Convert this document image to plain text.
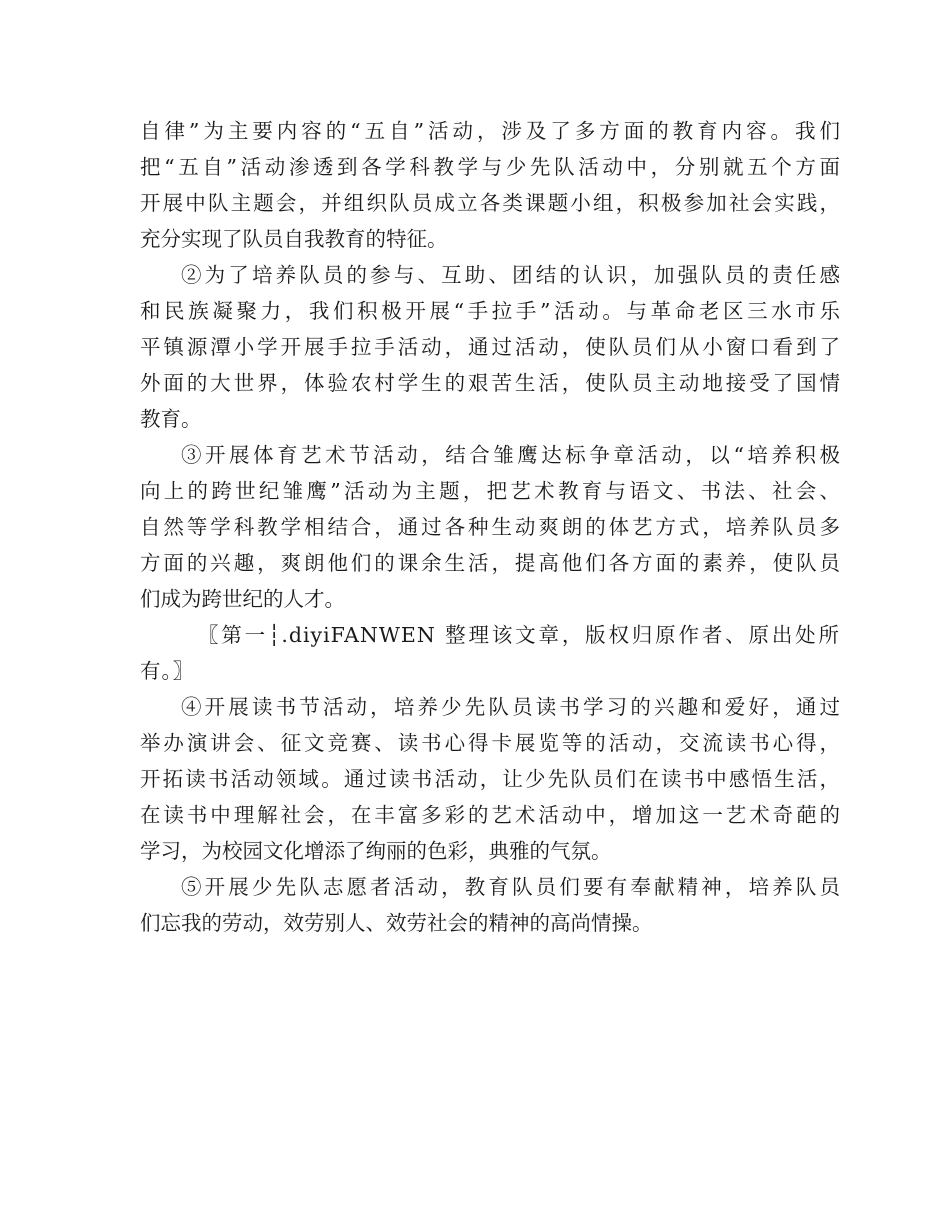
自律”为主要内容的“五自”活动，涉及了多方面的教育内容。我们
把“五自”活动渗透到各学科教学与少先队活动中，分别就五个方面
开展中队主题会，并组织队员成立各类课题小组，积极参加社会实践，
充分实现了队员自我教育的特征。

②为了培养队员的参与、互助、团结的认识，加强队员的责任感
和民族凝聚力，我们积极开展“手拉手”活动。与革命老区三水市乐
平镇源潭小学开展手拉手活动，通过活动，使队员们从小窗口看到了
外面的大世界，体验农村学生的艰苦生活，使队员主动地接受了国情
教育。

③开展体育艺术节活动，结合雏鹰达标争章活动，以“培养积极
向上的跨世纪雏鹰”活动为主题，把艺术教育与语文、书法、社会、
自然等学科教学相结合，通过各种生动爽朗的体艺方式，培养队员多
方面的兴趣，爽朗他们的课余生活，提高他们各方面的素养，使队员
们成为跨世纪的人才。

〖第一┆.diyiFANWEN 整理该文章，版权归原作者、原出处所
有。〗

④开展读书节活动，培养少先队员读书学习的兴趣和爱好，通过
举办演讲会、征文竞赛、读书心得卡展览等的活动，交流读书心得，
开拓读书活动领域。通过读书活动，让少先队员们在读书中感悟生活，
在读书中理解社会，在丰富多彩的艺术活动中，增加这一艺术奇葩的
学习，为校园文化增添了绚丽的色彩，典雅的气氛。

⑤开展少先队志愿者活动，教育队员们要有奉献精神，培养队员
们忘我的劳动，效劳别人、效劳社会的精神的高尚情操。
